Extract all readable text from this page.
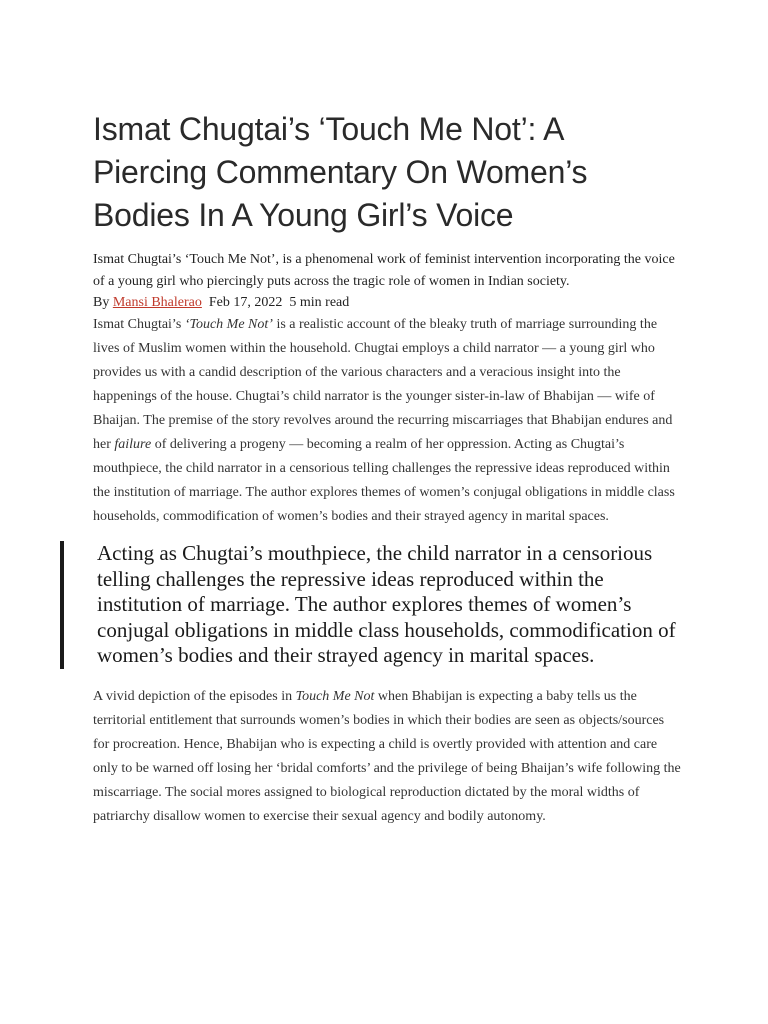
Ismat Chugtai’s ‘Touch Me Not’: A Piercing Commentary On Women’s Bodies In A Young Girl’s Voice

Ismat Chugtai’s ‘Touch Me Not’, is a phenomenal work of feminist intervention incorporating the voice of a young girl who piercingly puts across the tragic role of women in Indian society.

By Mansi Bhalerao Feb 17, 2022 5 min read

Ismat Chugtai’s ‘Touch Me Not’ is a realistic account of the bleaky truth of marriage surrounding the lives of Muslim women within the household. Chugtai employs a child narrator — a young girl who provides us with a candid description of the various characters and a veracious insight into the happenings of the house. Chugtai’s child narrator is the younger sister-in-law of Bhabijan — wife of Bhaijan. The premise of the story revolves around the recurring miscarriages that Bhabijan endures and her failure of delivering a progeny — becoming a realm of her oppression. Acting as Chugtai’s mouthpiece, the child narrator in a censorious telling challenges the repressive ideas reproduced within the institution of marriage. The author explores themes of women’s conjugal obligations in middle class households, commodification of women’s bodies and their strayed agency in marital spaces.

Acting as Chugtai’s mouthpiece, the child narrator in a censorious telling challenges the repressive ideas reproduced within the institution of marriage. The author explores themes of women’s conjugal obligations in middle class households, commodification of women’s bodies and their strayed agency in marital spaces.

A vivid depiction of the episodes in Touch Me Not when Bhabijan is expecting a baby tells us the territorial entitlement that surrounds women’s bodies in which their bodies are seen as objects/sources for procreation. Hence, Bhabijan who is expecting a child is overtly provided with attention and care only to be warned off losing her ‘bridal comforts’ and the privilege of being Bhaijan’s wife following the miscarriage. The social mores assigned to biological reproduction dictated by the moral widths of patriarchy disallow women to exercise their sexual agency and bodily autonomy.
